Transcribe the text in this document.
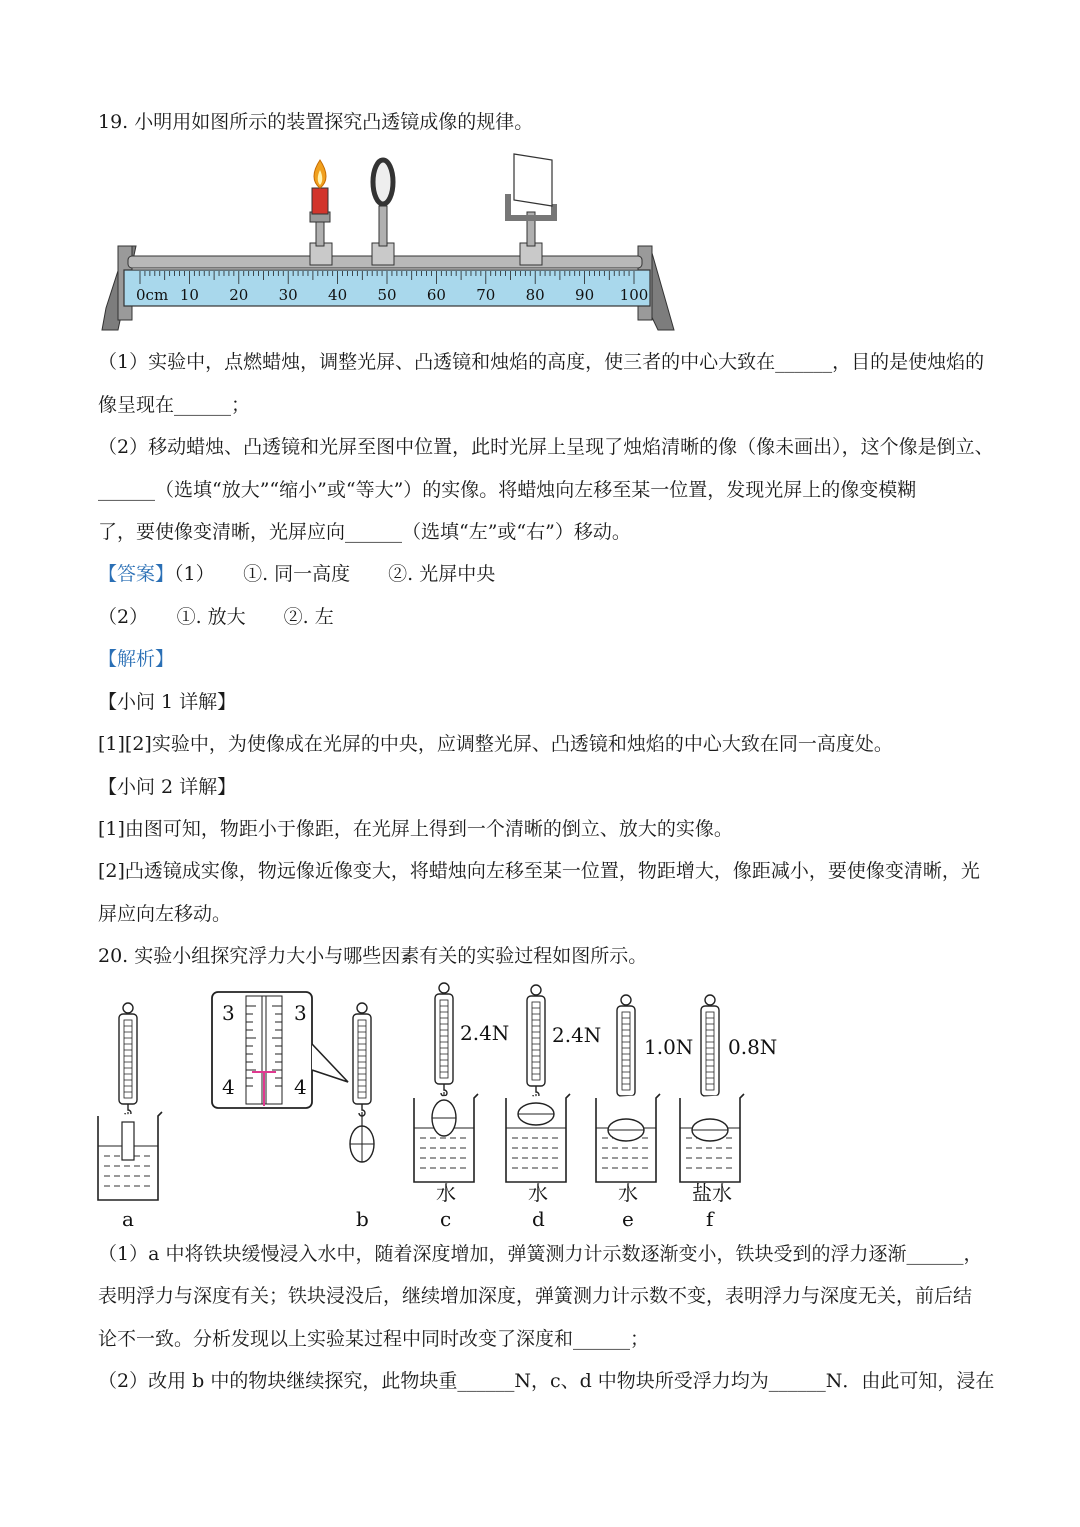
19. 小明用如图所示的装置探究凸透镜成像的规律。
0cm 10 20 30 40 50 60 70 80 90 100
（1）实验中，点燃蜡烛，调整光屏、凸透镜和烛焰的高度，使三者的中心大致在______，目的是使烛焰的
像呈现在______；
（2）移动蜡烛、凸透镜和光屏至图中位置，此时光屏上呈现了烛焰清晰的像（像未画出），这个像是倒立、
______（选填“放大”“缩小”或“等大”）的实像。将蜡烛向左移至某一位置，发现光屏上的像变模糊
了，要使像变清晰，光屏应向______（选填“左”或“右”）移动。
【答案】（1）　　①. 同一高度　　②. 光屏中央
（2）　　①. 放大　　②. 左
【解析】
【小问 1 详解】
[1][2]实验中，为使像成在光屏的中央，应调整光屏、凸透镜和烛焰的中心大致在同一高度处。
【小问 2 详解】
[1]由图可知，物距小于像距，在光屏上得到一个清晰的倒立、放大的实像。
[2]凸透镜成实像，物远像近像变大，将蜡烛向左移至某一位置，物距增大，像距减小，要使像变清晰，光
屏应向左移动。
20. 实验小组探究浮力大小与哪些因素有关的实验过程如图所示。
3	3
4	4
2.4N 2.4N 1.0N 0.8N
水	水	水	盐水
a	b	c	d	e	f
（1）a 中将铁块缓慢浸入水中，随着深度增加，弹簧测力计示数逐渐变小，铁块受到的浮力逐渐______，
表明浮力与深度有关；铁块浸没后，继续增加深度，弹簧测力计示数不变，表明浮力与深度无关，前后结
论不一致。分析发现以上实验某过程中同时改变了深度和______；
（2）改用 b 中的物块继续探究，此物块重______N，c、d 中物块所受浮力均为______N．由此可知，浸在
